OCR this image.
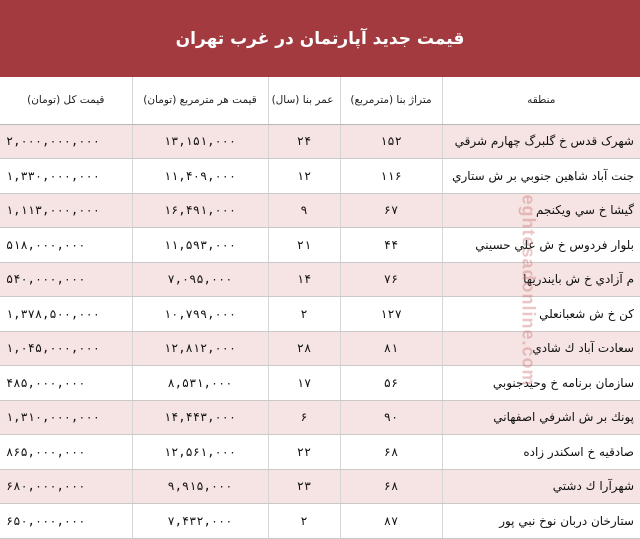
قیمت جدید آپارتمان در غرب تهران
منطقه	متراژ بنا (مترمربع)	عمر بنا (سال)	قیمت هر مترمربع (تومان)	قیمت کل (تومان)
شهرک قدس خ گلبرگ چهارم شرقي	۱۵۲	۲۴	۱۳,۱۵۱,۰۰۰	۲,۰۰۰,۰۰۰,۰۰۰
جنت آباد شاهين جنوبي بر ش ستاري	۱۱۶	۱۲	۱۱,۴۰۹,۰۰۰	۱,۳۳۰,۰۰۰,۰۰۰
گيشا خ سي ويكنجم	۶۷	۹	۱۶,۴۹۱,۰۰۰	۱,۱۱۳,۰۰۰,۰۰۰
بلوار فردوس خ ش علي حسيني	۴۴	۲۱	۱۱,۵۹۳,۰۰۰	۵۱۸,۰۰۰,۰۰۰
م آزادي خ ش بايندريها	۷۶	۱۴	۷,۰۹۵,۰۰۰	۵۴۰,۰۰۰,۰۰۰
كن خ ش شعبانعلي	۱۲۷	۲	۱۰,۷۹۹,۰۰۰	۱,۳۷۸,۵۰۰,۰۰۰
سعادت آباد ك شادي	۸۱	۲۸	۱۲,۸۱۲,۰۰۰	۱,۰۴۵,۰۰۰,۰۰۰
سازمان برنامه خ وحيدجنوبي	۵۶	۱۷	۸,۵۳۱,۰۰۰	۴۸۵,۰۰۰,۰۰۰
پونك بر ش اشرفي اصفهاني	۹۰	۶	۱۴,۴۴۳,۰۰۰	۱,۳۱۰,۰۰۰,۰۰۰
صادقيه خ اسكندر زاده	۶۸	۲۲	۱۲,۵۶۱,۰۰۰	۸۶۵,۰۰۰,۰۰۰
شهرآرا ك دشتي	۶۸	۲۳	۹,۹۱۵,۰۰۰	۶۸۰,۰۰۰,۰۰۰
ستارخان دربان نوخ نبي پور	۸۷	۲	۷,۴۳۲,۰۰۰	۶۵۰,۰۰۰,۰۰۰
eghtesadonline.com
